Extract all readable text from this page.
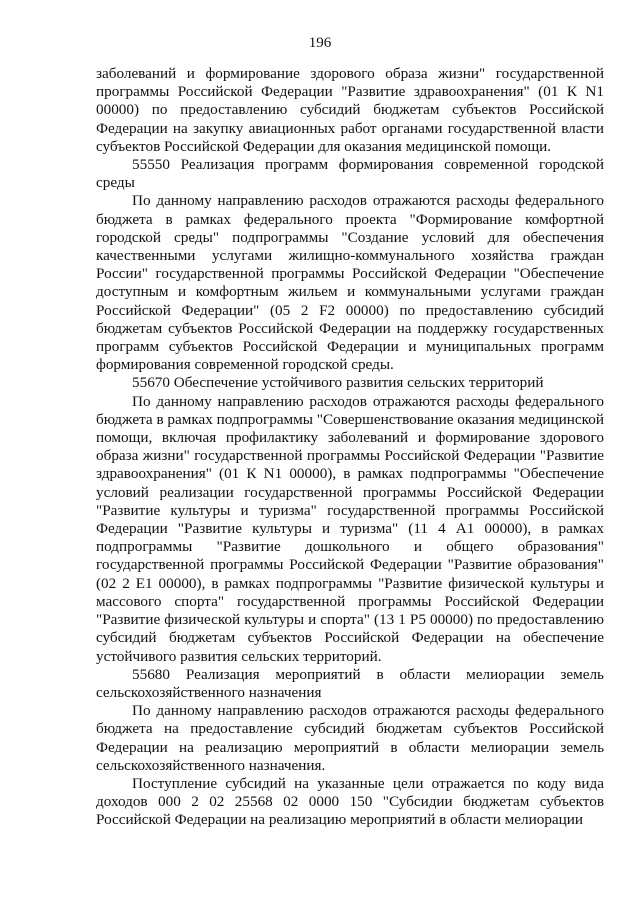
196

заболеваний и формирование здорового образа жизни" государственной программы Российской Федерации "Развитие здравоохранения" (01 К N1 00000) по предоставлению субсидий бюджетам субъектов Российской Федерации на закупку авиационных работ органами государственной власти субъектов Российской Федерации для оказания медицинской помощи.

55550 Реализация программ формирования современной городской среды

По данному направлению расходов отражаются расходы федерального бюджета в рамках федерального проекта "Формирование комфортной городской среды" подпрограммы "Создание условий для обеспечения качественными услугами жилищно-коммунального хозяйства граждан России" государственной программы Российской Федерации "Обеспечение доступным и комфортным жильем и коммунальными услугами граждан Российской Федерации" (05 2 F2 00000) по предоставлению субсидий бюджетам субъектов Российской Федерации на поддержку государственных программ субъектов Российской Федерации и муниципальных программ формирования современной городской среды.

55670 Обеспечение устойчивого развития сельских территорий

По данному направлению расходов отражаются расходы федерального бюджета в рамках подпрограммы "Совершенствование оказания медицинской помощи, включая профилактику заболеваний и формирование здорового образа жизни" государственной программы Российской Федерации "Развитие здравоохранения" (01 К N1 00000), в рамках подпрограммы "Обеспечение условий реализации государственной программы Российской Федерации "Развитие культуры и туризма" государственной программы Российской Федерации "Развитие культуры и туризма" (11 4 А1 00000), в рамках подпрограммы "Развитие дошкольного и общего образования" государственной программы Российской Федерации "Развитие образования" (02 2 Е1 00000), в рамках подпрограммы "Развитие физической культуры и массового спорта" государственной программы Российской Федерации "Развитие физической культуры и спорта" (13 1 Р5 00000) по предоставлению субсидий бюджетам субъектов Российской Федерации на обеспечение устойчивого развития сельских территорий.

55680 Реализация мероприятий в области мелиорации земель сельскохозяйственного назначения

По данному направлению расходов отражаются расходы федерального бюджета на предоставление субсидий бюджетам субъектов Российской Федерации на реализацию мероприятий в области мелиорации земель сельскохозяйственного назначения.

Поступление субсидий на указанные цели отражается по коду вида доходов 000 2 02 25568 02 0000 150 "Субсидии бюджетам субъектов Российской Федерации на реализацию мероприятий в области мелиорации
